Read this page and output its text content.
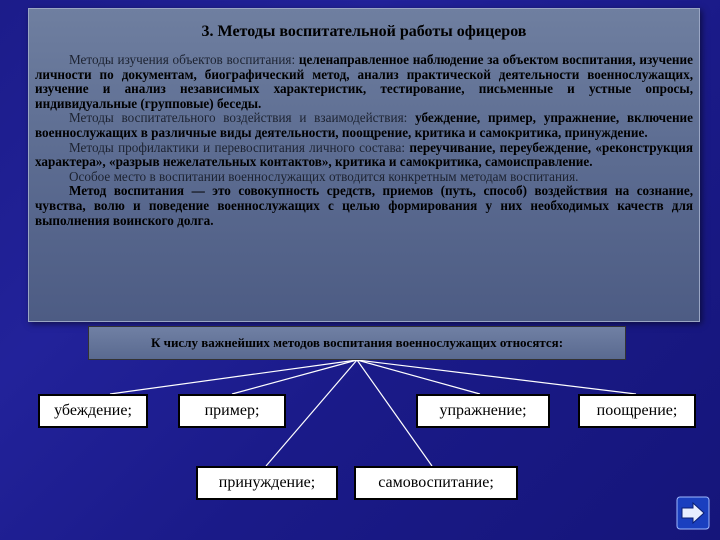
3. Методы воспитательной работы офицеров

Методы изучения объектов воспитания: целенаправленное наблюдение за объектом воспитания, изучение личности по документам, биографический метод, анализ практической деятельности военнослужащих, изучение и анализ независимых характеристик, тестирование, письменные и устные опросы, индивидуальные (групповые) беседы.

Методы воспитательного воздействия и взаимодействия: убеждение, пример, упражнение, включение военнослужащих в различные виды деятельности, поощрение, критика и самокритика, принуждение.

Методы профилактики и перевоспитания личного состава: переучивание, переубеждение, «реконструкция характера», «разрыв нежелательных контактов», критика и самокритика, самоисправление.

Особое место в воспитании военнослужащих отводится конкретным методам воспитания.

Метод воспитания — это совокупность средств, приемов (путь, способ) воздействия на сознание, чувства, волю и поведение военнослужащих с целью формирования у них необходимых качеств для выполнения воинского долга.

К числу важнейших методов воспитания военнослужащих относятся:
убеждение;	пример;	упражнение;	поощрение;
принуждение;	самовоспитание;
